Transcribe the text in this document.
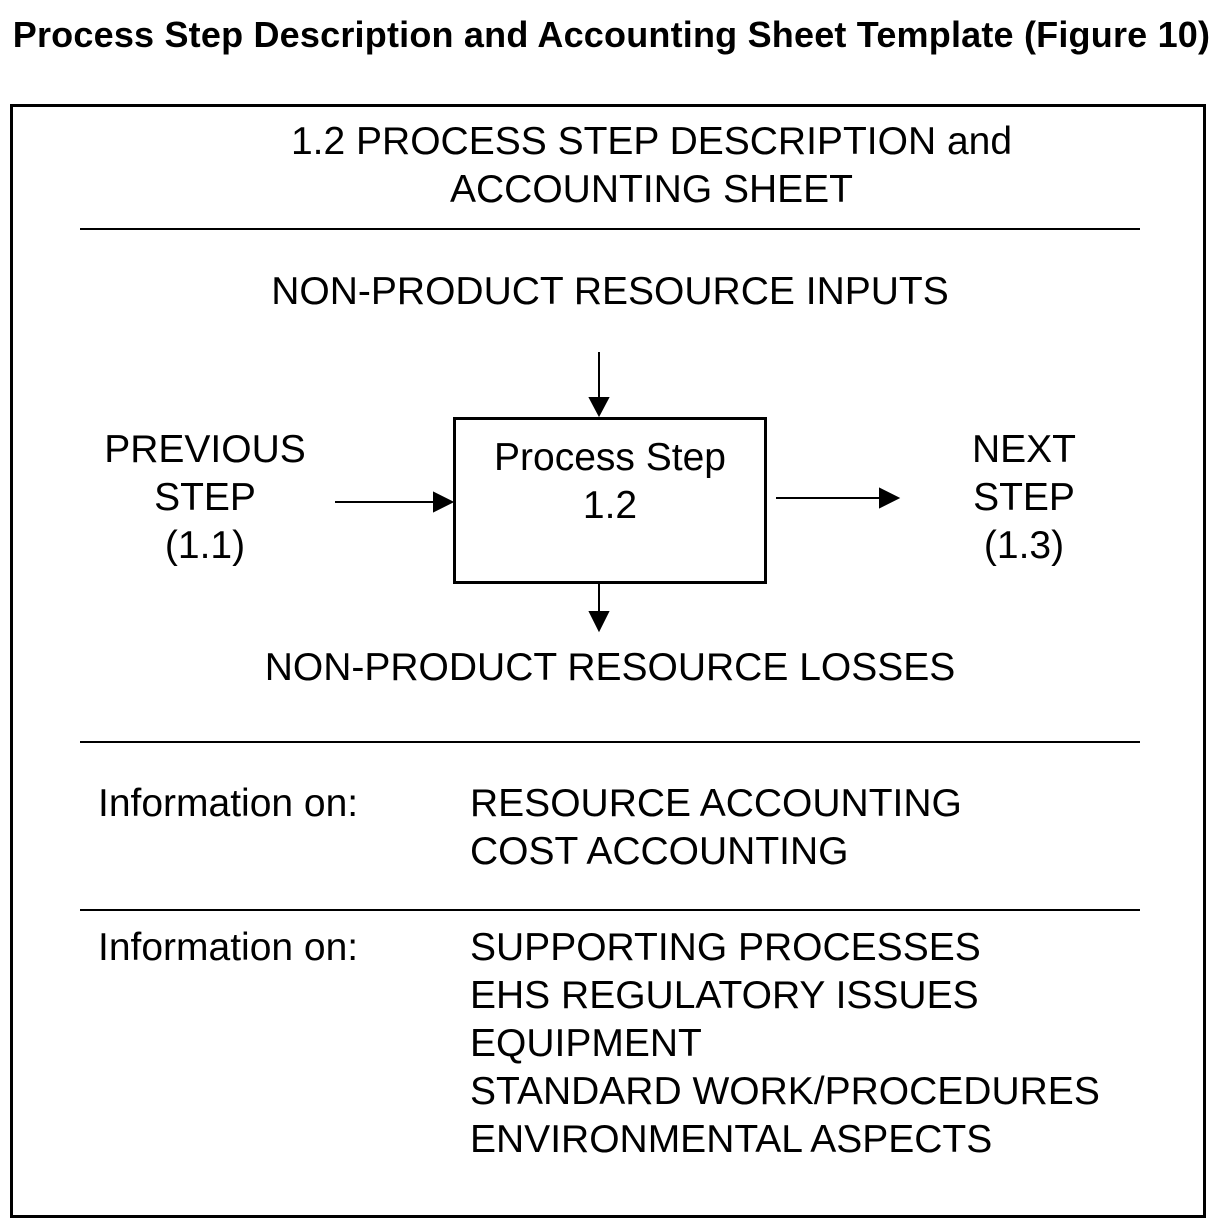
Process Step Description and Accounting Sheet Template (Figure 10)
1.2 PROCESS STEP DESCRIPTION and
ACCOUNTING SHEET
NON-PRODUCT RESOURCE INPUTS
PREVIOUS
STEP
(1.1)
Process Step
1.2
NEXT
STEP
(1.3)
NON-PRODUCT RESOURCE LOSSES
Information on:	RESOURCE ACCOUNTING
COST ACCOUNTING
Information on:	SUPPORTING PROCESSES
EHS REGULATORY ISSUES
EQUIPMENT
STANDARD WORK/PROCEDURES
ENVIRONMENTAL ASPECTS
